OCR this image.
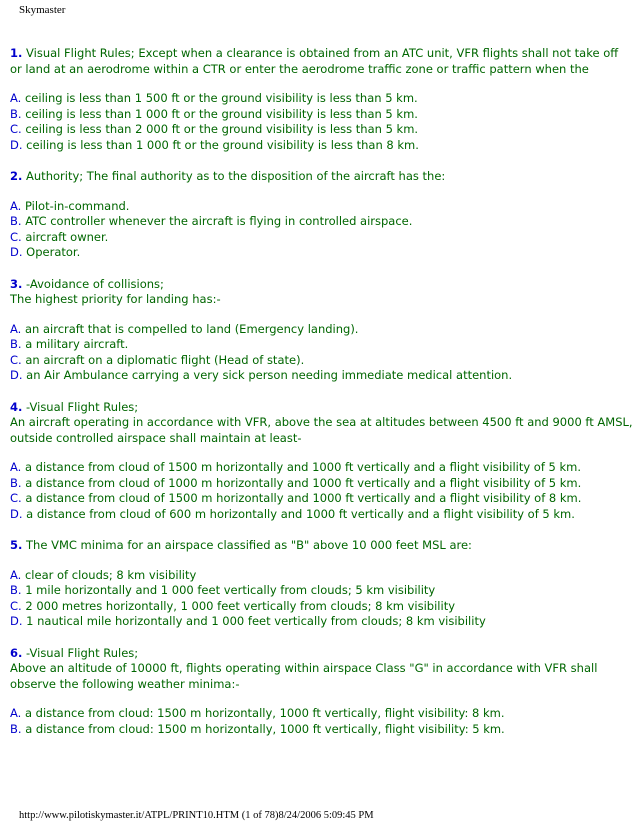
Skymaster
1. Visual Flight Rules; Except when a clearance is obtained from an ATC unit, VFR flights shall not take off
or land at an aerodrome within a CTR or enter the aerodrome traffic zone or traffic pattern when the
A. ceiling is less than 1 500 ft or the ground visibility is less than 5 km.
B. ceiling is less than 1 000 ft or the ground visibility is less than 5 km.
C. ceiling is less than 2 000 ft or the ground visibility is less than 5 km.
D. ceiling is less than 1 000 ft or the ground visibility is less than 8 km.
2. Authority; The final authority as to the disposition of the aircraft has the:
A. Pilot-in-command.
B. ATC controller whenever the aircraft is flying in controlled airspace.
C. aircraft owner.
D. Operator.
3. -Avoidance of collisions;
The highest priority for landing has:-
A. an aircraft that is compelled to land (Emergency landing).
B. a military aircraft.
C. an aircraft on a diplomatic flight (Head of state).
D. an Air Ambulance carrying a very sick person needing immediate medical attention.
4. -Visual Flight Rules;
An aircraft operating in accordance with VFR, above the sea at altitudes between 4500 ft and 9000 ft AMSL,
outside controlled airspace shall maintain at least-
A. a distance from cloud of 1500 m horizontally and 1000 ft vertically and a flight visibility of 5 km.
B. a distance from cloud of 1000 m horizontally and 1000 ft vertically and a flight visibility of 5 km.
C. a distance from cloud of 1500 m horizontally and 1000 ft vertically and a flight visibility of 8 km.
D. a distance from cloud of 600 m horizontally and 1000 ft vertically and a flight visibility of 5 km.
5. The VMC minima for an airspace classified as "B" above 10 000 feet MSL are:
A. clear of clouds; 8 km visibility
B. 1 mile horizontally and 1 000 feet vertically from clouds; 5 km visibility
C. 2 000 metres horizontally, 1 000 feet vertically from clouds; 8 km visibility
D. 1 nautical mile horizontally and 1 000 feet vertically from clouds; 8 km visibility
6. -Visual Flight Rules;
Above an altitude of 10000 ft, flights operating within airspace Class "G" in accordance with VFR shall
observe the following weather minima:-
A. a distance from cloud: 1500 m horizontally, 1000 ft vertically, flight visibility: 8 km.
B. a distance from cloud: 1500 m horizontally, 1000 ft vertically, flight visibility: 5 km.
http://www.pilotiskymaster.it/ATPL/PRINT10.HTM (1 of 78)8/24/2006 5:09:45 PM
